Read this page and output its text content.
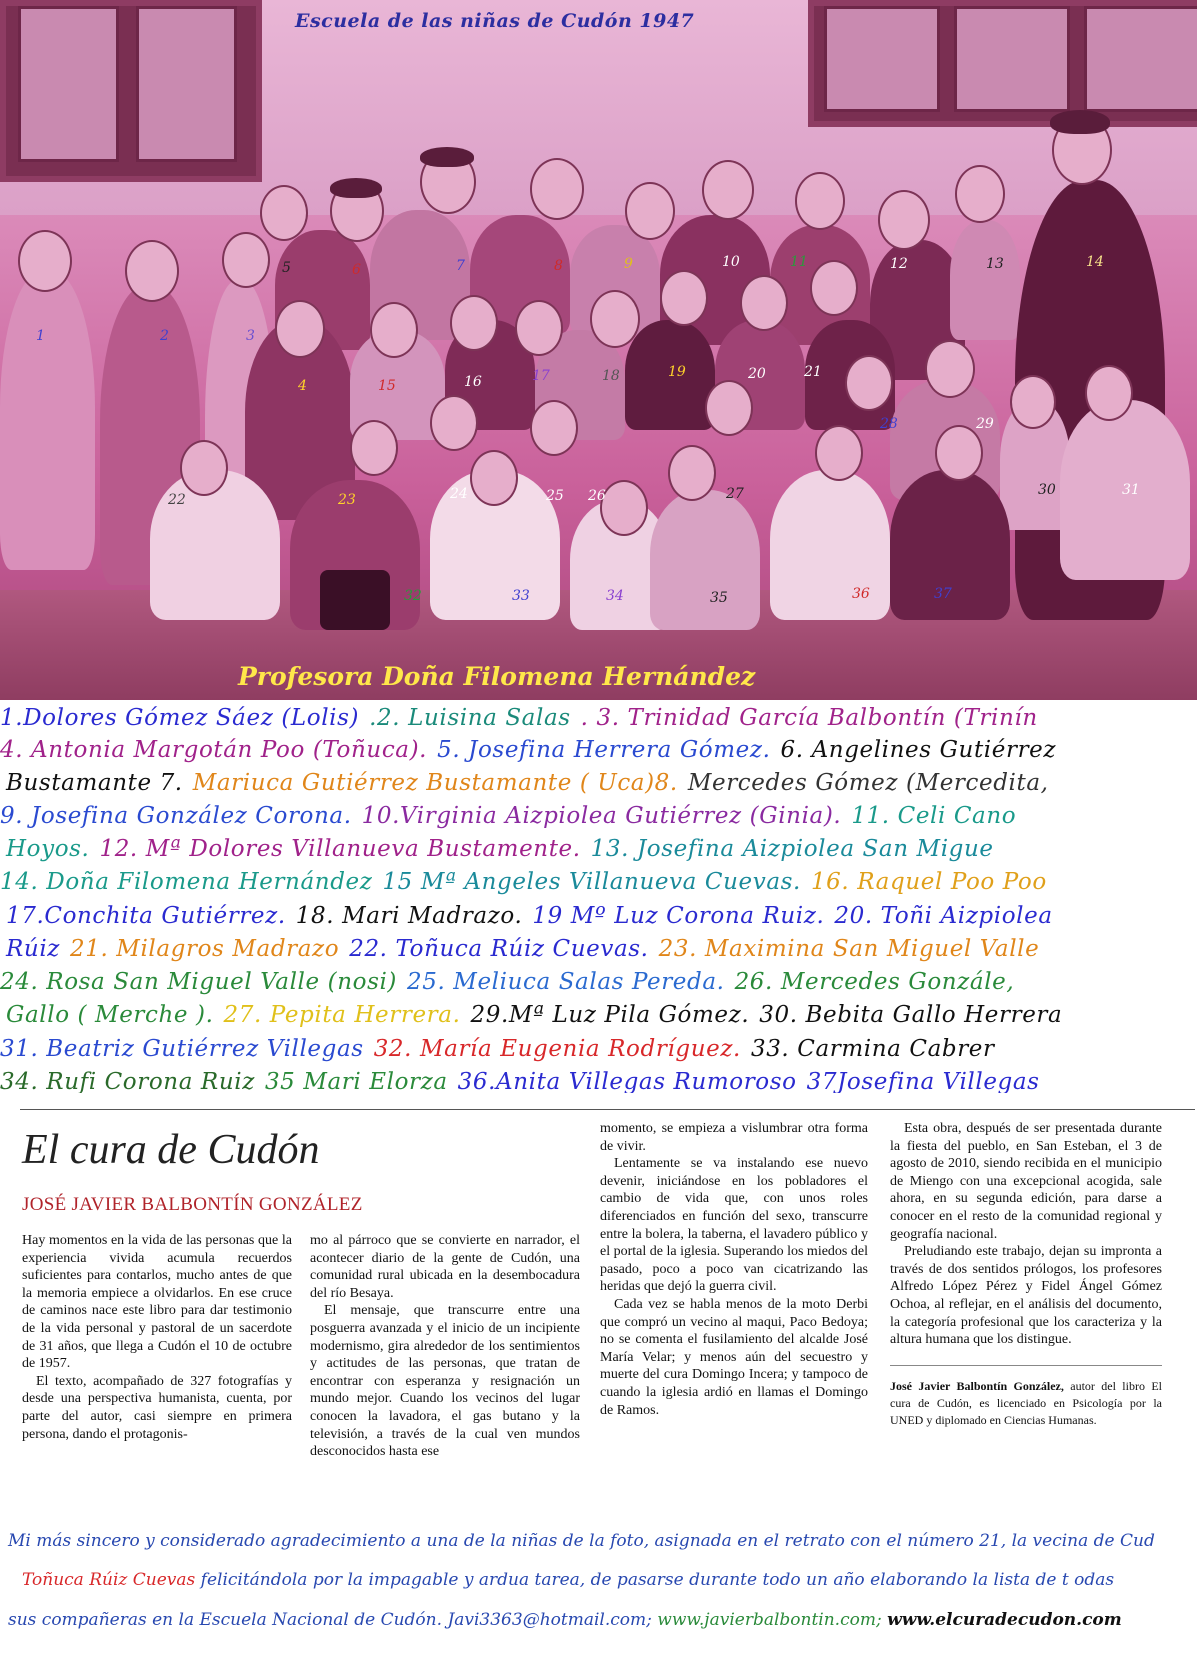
Escuela de las niñas de Cudón 1947
Profesora Doña Filomena Hernández
1	2	3
4
5	6	7	8	9	10	11	12	13	14
15	16	17	18	19	20	21
22	23	24	25 26	27
28	29
30	31
32	33	34	35	36	37
1.Dolores Gómez Sáez (Lolis) .2. Luisina Salas . 3. Trinidad García Balbontín (Trinín
4. Antonia Margotán Poo (Toñuca). 5. Josefina Herrera Gómez. 6. Angelines Gutiérrez
Bustamante 7. Mariuca Gutiérrez Bustamante ( Uca)8. Mercedes Gómez (Mercedita,
9. Josefina González Corona. 10.Virginia Aizpiolea Gutiérrez (Ginia). 11. Celi Cano
Hoyos. 12. Mª Dolores Villanueva Bustamente. 13. Josefina Aizpiolea San Migue
14. Doña Filomena Hernández 15 Mª Angeles Villanueva Cuevas. 16. Raquel Poo Poo
17.Conchita Gutiérrez. 18. Mari Madrazo. 19 Mº Luz Corona Ruiz. 20. Toñi Aizpiolea
Rúiz 21. Milagros Madrazo 22. Toñuca Rúiz Cuevas. 23. Maximina San Miguel Valle
24. Rosa San Miguel Valle (nosi) 25. Meliuca Salas Pereda. 26. Mercedes Gonzále,
Gallo ( Merche ). 27. Pepita Herrera. 29.Mª Luz Pila Gómez. 30. Bebita Gallo Herrera
31. Beatriz Gutiérrez Villegas 32. María Eugenia Rodríguez. 33. Carmina Cabrer
34. Rufi Corona Ruiz 35 Mari Elorza 36.Anita Villegas Rumoroso 37Josefina Villegas
El cura de Cudón
JOSÉ JAVIER BALBONTÍN GONZÁLEZ

Hay momentos en la vida de las personas que la experiencia vivida acumula recuerdos suficientes para contarlos, mucho antes de que la memoria empiece a olvidarlos. En ese cruce de caminos nace este libro para dar testimonio de la vida personal y pastoral de un sacerdote de 31 años, que llega a Cudón el 10 de octubre de 1957.

El texto, acompañado de 327 fotografías y desde una perspectiva humanista, cuenta, por parte del autor, casi siempre en primera persona, dando el protagonis-

mo al párroco que se convierte en narrador, el acontecer diario de la gente de Cudón, una comunidad rural ubicada en la desembocadura del río Besaya.

El mensaje, que transcurre entre una posguerra avanzada y el inicio de un incipiente modernismo, gira alrededor de los sentimientos y actitudes de las personas, que tratan de encontrar con esperanza y resignación un mundo mejor. Cuando los vecinos del lugar conocen la lavadora, el gas butano y la televisión, a través de la cual ven mundos desconocidos hasta ese

momento, se empieza a vislumbrar otra forma de vivir.

Lentamente se va instalando ese nuevo devenir, iniciándose en los pobladores el cambio de vida que, con unos roles diferenciados en función del sexo, transcurre entre la bolera, la taberna, el lavadero público y el portal de la iglesia. Superando los miedos del pasado, poco a poco van cicatrizando las heridas que dejó la guerra civil.

Cada vez se habla menos de la moto Derbi que compró un vecino al maqui, Paco Bedoya; no se comenta el fusilamiento del alcalde José María Velar; y menos aún del secuestro y muerte del cura Domingo Incera; y tampoco de cuando la iglesia ardió en llamas el Domingo de Ramos.

Esta obra, después de ser presentada durante la fiesta del pueblo, en San Esteban, el 3 de agosto de 2010, siendo recibida en el municipio de Miengo con una excepcional acogida, sale ahora, en su segunda edición, para darse a conocer en el resto de la comunidad regional y geografía nacional.

Preludiando este trabajo, dejan su impronta a través de dos sentidos prólogos, los profesores Alfredo López Pérez y Fidel Ángel Gómez Ochoa, al reflejar, en el análisis del documento, la categoría profesional que los caracteriza y la altura humana que los distingue.

José Javier Balbontín González, autor del libro El cura de Cudón, es licenciado en Psicología por la UNED y diplomado en Ciencias Humanas.

Mi más sincero y considerado agradecimiento a una de la niñas de la foto, asignada en el retrato con el número 21, la vecina de Cud
Toñuca Rúiz Cuevas felicitándola por la impagable y ardua tarea, de pasarse durante todo un año elaborando la lista de t odas
sus compañeras en la Escuela Nacional de Cudón. Javi3363@hotmail.com; www.javierbalbontin.com; www.elcuradecudon.com
